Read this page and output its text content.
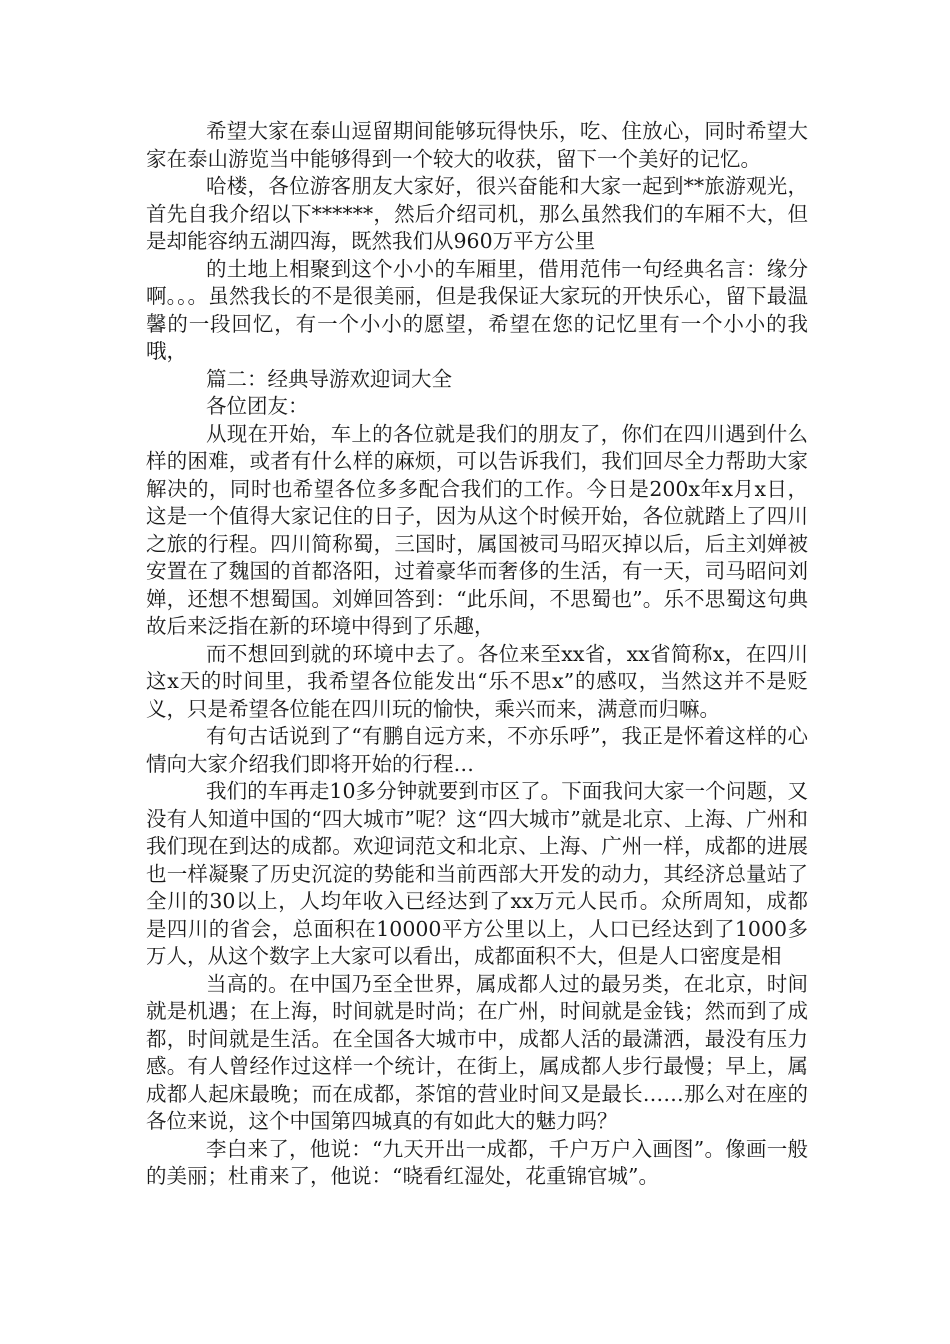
希望大家在泰山逗留期间能够玩得快乐，吃、住放心，同时希望大家在泰山游览当中能够得到一个较大的收获，留下一个美好的记忆。

哈楼，各位游客朋友大家好，很兴奋能和大家一起到**旅游观光，首先自我介绍以下******，然后介绍司机，那么虽然我们的车厢不大，但是却能容纳五湖四海，既然我们从960万平方公里

的土地上相聚到这个小小的车厢里，借用范伟一句经典名言：缘分啊。。。虽然我长的不是很美丽，但是我保证大家玩的开快乐心，留下最温馨的一段回忆，有一个小小的愿望，希望在您的记忆里有一个小小的我哦，

篇二：经典导游欢迎词大全

各位团友：

从现在开始，车上的各位就是我们的朋友了，你们在四川遇到什么样的困难，或者有什么样的麻烦，可以告诉我们，我们回尽全力帮助大家解决的，同时也希望各位多多配合我们的工作。今日是200x年x月x日，这是一个值得大家记住的日子，因为从这个时候开始，各位就踏上了四川之旅的行程。四川简称蜀，三国时，属国被司马昭灭掉以后，后主刘婵被安置在了魏国的首都洛阳，过着豪华而奢侈的生活，有一天，司马昭问刘婵，还想不想蜀国。刘婵回答到：“此乐间，不思蜀也”。乐不思蜀这句典故后来泛指在新的环境中得到了乐趣，

而不想回到就的环境中去了。各位来至xx省，xx省简称x，在四川这x天的时间里，我希望各位能发出“乐不思x”的感叹，当然这并不是贬义，只是希望各位能在四川玩的愉快，乘兴而来，满意而归嘛。

有句古话说到了“有鹏自远方来，不亦乐呼”，我正是怀着这样的心情向大家介绍我们即将开始的行程…

我们的车再走10多分钟就要到市区了。下面我问大家一个问题，又没有人知道中国的“四大城市”呢？这“四大城市”就是北京、上海、广州和我们现在到达的成都。欢迎词范文和北京、上海、广州一样，成都的进展也一样凝聚了历史沉淀的势能和当前西部大开发的动力，其经济总量站了全川的30以上，人均年收入已经达到了xx万元人民币。众所周知，成都是四川的省会，总面积在10000平方公里以上，人口已经达到了1000多万人，从这个数字上大家可以看出，成都面积不大，但是人口密度是相

当高的。在中国乃至全世界，属成都人过的最另类，在北京，时间就是机遇；在上海，时间就是时尚；在广州，时间就是金钱；然而到了成都，时间就是生活。在全国各大城市中，成都人活的最潇洒，最没有压力感。有人曾经作过这样一个统计，在街上，属成都人步行最慢；早上，属成都人起床最晚；而在成都，茶馆的营业时间又是最长……那么对在座的各位来说，这个中国第四城真的有如此大的魅力吗？

李白来了，他说：“九天开出一成都，千户万户入画图”。像画一般的美丽；杜甫来了，他说：“晓看红湿处，花重锦官城”。
